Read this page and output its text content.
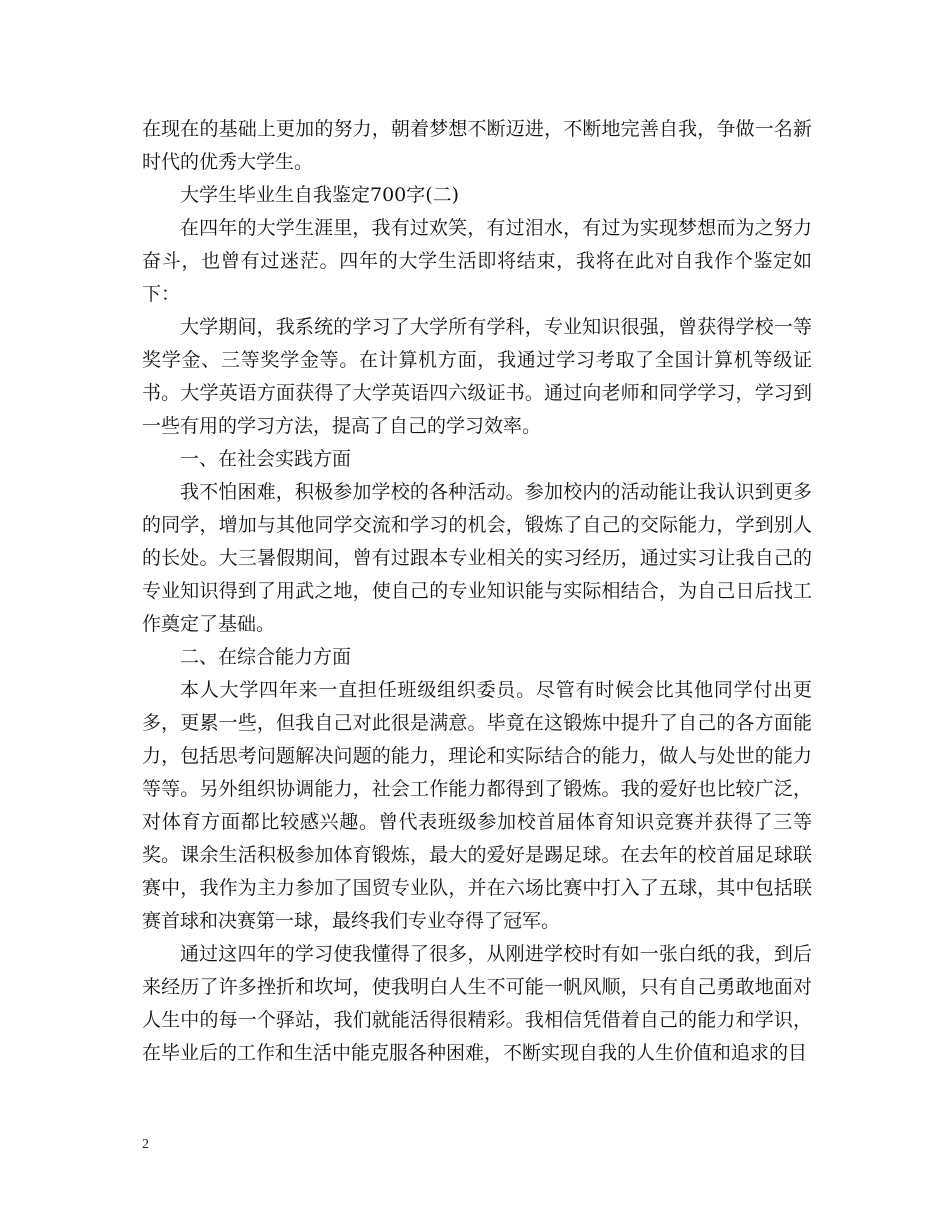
在现在的基础上更加的努力，朝着梦想不断迈进，不断地完善自我，争做一名新时代的优秀大学生。

大学生毕业生自我鉴定700字(二)

在四年的大学生涯里，我有过欢笑，有过泪水，有过为实现梦想而为之努力奋斗，也曾有过迷茫。四年的大学生活即将结束，我将在此对自我作个鉴定如下：

大学期间，我系统的学习了大学所有学科，专业知识很强，曾获得学校一等奖学金、三等奖学金等。在计算机方面，我通过学习考取了全国计算机等级证书。大学英语方面获得了大学英语四六级证书。通过向老师和同学学习，学习到一些有用的学习方法，提高了自己的学习效率。

一、在社会实践方面

我不怕困难，积极参加学校的各种活动。参加校内的活动能让我认识到更多的同学，增加与其他同学交流和学习的机会，锻炼了自己的交际能力，学到别人的长处。大三暑假期间，曾有过跟本专业相关的实习经历，通过实习让我自己的专业知识得到了用武之地，使自己的专业知识能与实际相结合，为自己日后找工作奠定了基础。

二、在综合能力方面

本人大学四年来一直担任班级组织委员。尽管有时候会比其他同学付出更多，更累一些，但我自己对此很是满意。毕竟在这锻炼中提升了自己的各方面能力，包括思考问题解决问题的能力，理论和实际结合的能力，做人与处世的能力等等。另外组织协调能力，社会工作能力都得到了锻炼。我的爱好也比较广泛，对体育方面都比较感兴趣。曾代表班级参加校首届体育知识竞赛并获得了三等奖。课余生活积极参加体育锻炼，最大的爱好是踢足球。在去年的校首届足球联赛中，我作为主力参加了国贸专业队，并在六场比赛中打入了五球，其中包括联赛首球和决赛第一球，最终我们专业夺得了冠军。

通过这四年的学习使我懂得了很多，从刚进学校时有如一张白纸的我，到后来经历了许多挫折和坎坷，使我明白人生不可能一帆风顺，只有自己勇敢地面对人生中的每一个驿站，我们就能活得很精彩。我相信凭借着自己的能力和学识，在毕业后的工作和生活中能克服各种困难，不断实现自我的人生价值和追求的目

2
